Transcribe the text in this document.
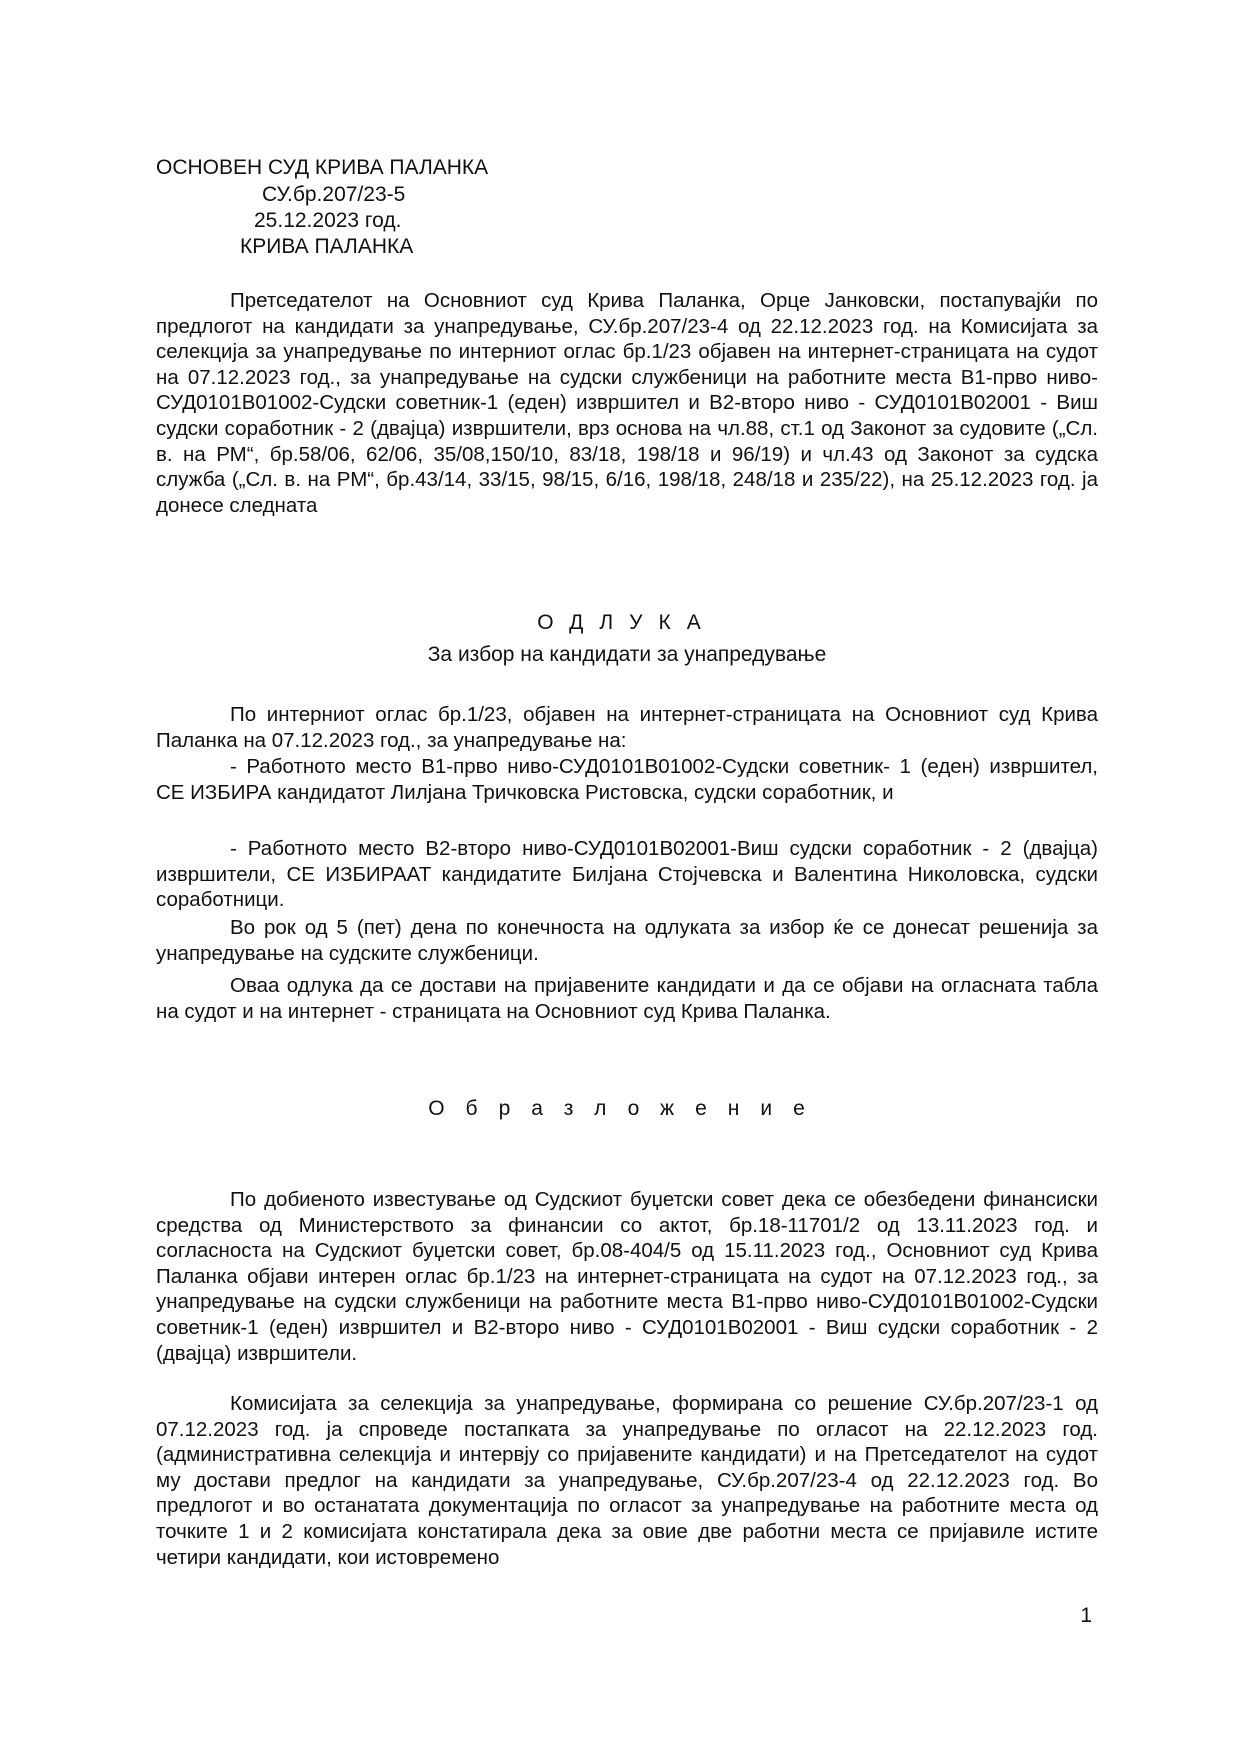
ОСНОВЕН СУД КРИВА ПАЛАНКА
СУ.бр.207/23-5
25.12.2023 год.
КРИВА ПАЛАНКА

Претседателот на Основниот суд Крива Паланка, Орце Јанковски, постапувајќи по предлогот на кандидати за унапредување, СУ.бр.207/23-4 од 22.12.2023 год. на Комисијата за селекција за унапредување по интерниот оглас бр.1/23 објавен на интернет-страницата на судот на 07.12.2023 год., за унапредување на судски службеници на работните места В1-прво ниво-СУД0101В01002-Судски советник-1 (еден) извршител и В2-второ ниво - СУД0101В02001 - Виш судски соработник - 2 (двајца) извршители, врз основа на чл.88, ст.1 од Законот за судовите („Сл. в. на РМ“, бр.58/06, 62/06, 35/08,150/10, 83/18, 198/18 и 96/19) и чл.43 од Законот за судска служба („Сл. в. на РМ“, бр.43/14, 33/15, 98/15, 6/16, 198/18, 248/18 и 235/22), на 25.12.2023 год. ја донесе следната

ОДЛУКА
За избор на кандидати за унапредување

По интерниот оглас бр.1/23, објавен на интернет-страницата на Основниот суд Крива Паланка на 07.12.2023 год., за унапредување на:

- Работното место В1-прво ниво-СУД0101В01002-Судски советник- 1 (еден) извршител, СЕ ИЗБИРА кандидатот Лилјана Тричковска Ристовска, судски соработник, и

- Работното место В2-второ ниво-СУД0101В02001-Виш судски соработник - 2 (двајца) извршители, СЕ ИЗБИРААТ кандидатите Билјана Стојчевска и Валентина Николовска, судски соработници.

Во рок од 5 (пет) дена по конечноста на одлуката за избор ќе се донесат решенија за унапредување на судските службеници.

Оваа одлука да се достави на пријавените кандидати и да се објави на огласната табла на судот и на интернет - страницата на Основниот суд Крива Паланка.

Образложение

По добиеното известување од Судскиот буџетски совет дека се обезбедени финансиски средства од Министерството за финансии со актот, бр.18-11701/2 од 13.11.2023 год. и согласноста на Судскиот буџетски совет, бр.08-404/5 од 15.11.2023 год., Основниот суд Крива Паланка објави интерен оглас бр.1/23 на интернет-страницата на судот на 07.12.2023 год., за унапредување на судски службеници на работните места В1-прво ниво-СУД0101В01002-Судски советник-1 (еден) извршител и В2-второ ниво - СУД0101В02001 - Виш судски соработник - 2 (двајца) извршители.

Комисијата за селекција за унапредување, формирана со решение СУ.бр.207/23-1 од 07.12.2023 год. ја спроведе постапката за унапредување по огласот на 22.12.2023 год. (административна селекција и интервју со пријавените кандидати) и на Претседателот на судот му достави предлог на кандидати за унапредување, СУ.бр.207/23-4 од 22.12.2023 год. Во предлогот и во останатата документација по огласот за унапредување на работните места од точките 1 и 2 комисијата констатирала дека за овие две работни места се пријавиле истите четири кандидати, кои истовремено

1
